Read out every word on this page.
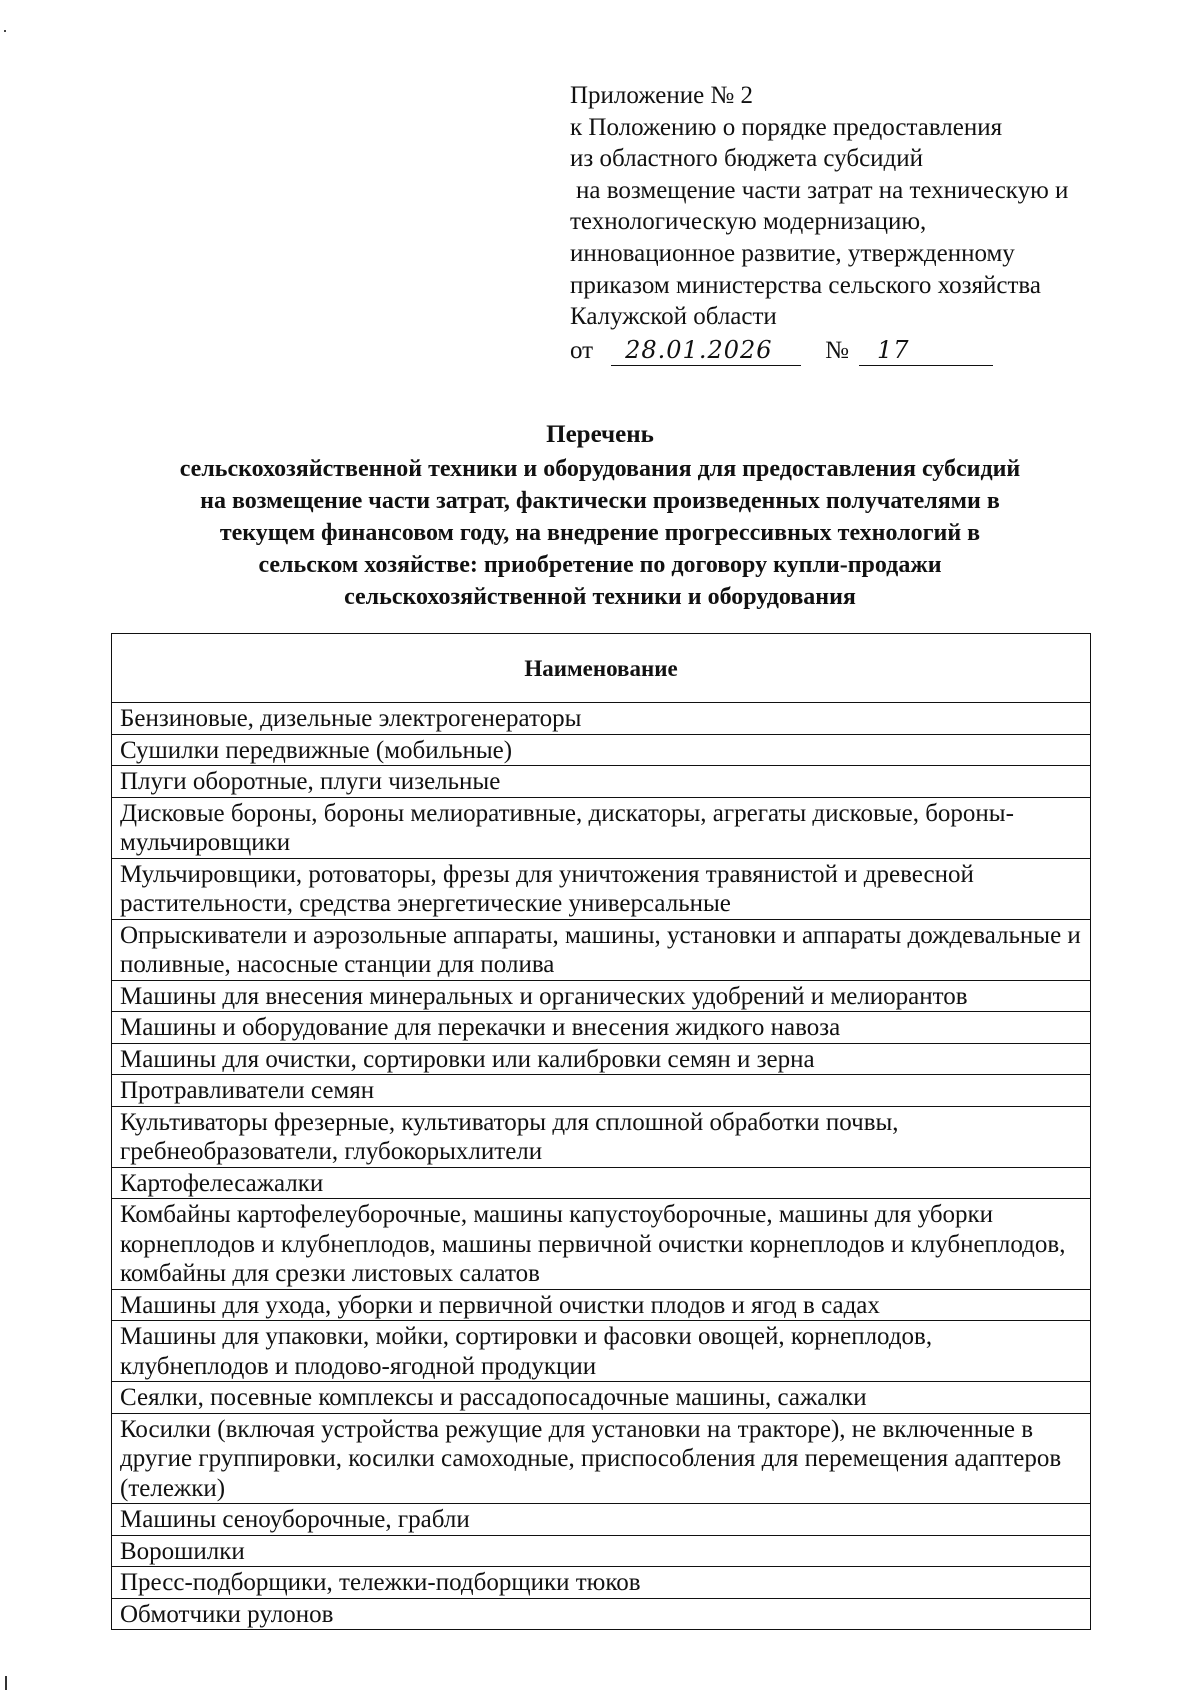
Приложение № 2
к Положению о порядке предоставления
из областного бюджета субсидий
на возмещение части затрат на техническую и
технологическую модернизацию,
инновационное развитие, утвержденному
приказом министерства сельского хозяйства
Калужской области
от	28.01.2026	№	17
Перечень
сельскохозяйственной техники и оборудования для предоставления субсидий
на возмещение части затрат, фактически произведенных получателями в
текущем финансовом году, на внедрение прогрессивных технологий в
сельском хозяйстве: приобретение по договору купли-продажи
сельскохозяйственной техники и оборудования
Наименование
Бензиновые, дизельные электрогенераторы
Сушилки передвижные (мобильные)
Плуги оборотные, плуги чизельные
Дисковые бороны, бороны мелиоративные, дискаторы, агрегаты дисковые, бороны-мульчировщики
Мульчировщики, ротоваторы, фрезы для уничтожения травянистой и древесной растительности, средства энергетические универсальные
Опрыскиватели и аэрозольные аппараты, машины, установки и аппараты дождевальные и поливные, насосные станции для полива
Машины для внесения минеральных и органических удобрений и мелиорантов
Машины и оборудование для перекачки и внесения жидкого навоза
Машины для очистки, сортировки или калибровки семян и зерна
Протравливатели семян
Культиваторы фрезерные, культиваторы для сплошной обработки почвы, гребнеобразователи, глубокорыхлители
Картофелесажалки
Комбайны картофелеуборочные, машины капустоуборочные, машины для уборки корнеплодов и клубнеплодов, машины первичной очистки корнеплодов и клубнеплодов, комбайны для срезки листовых салатов
Машины для ухода, уборки и первичной очистки плодов и ягод в садах
Машины для упаковки, мойки, сортировки и фасовки овощей, корнеплодов, клубнеплодов и плодово-ягодной продукции
Сеялки, посевные комплексы и рассадопосадочные машины, сажалки
Косилки (включая устройства режущие для установки на тракторе), не включенные в другие группировки, косилки самоходные, приспособления для перемещения адаптеров (тележки)
Машины сеноуборочные, грабли
Ворошилки
Пресс-подборщики, тележки-подборщики тюков
Обмотчики рулонов
